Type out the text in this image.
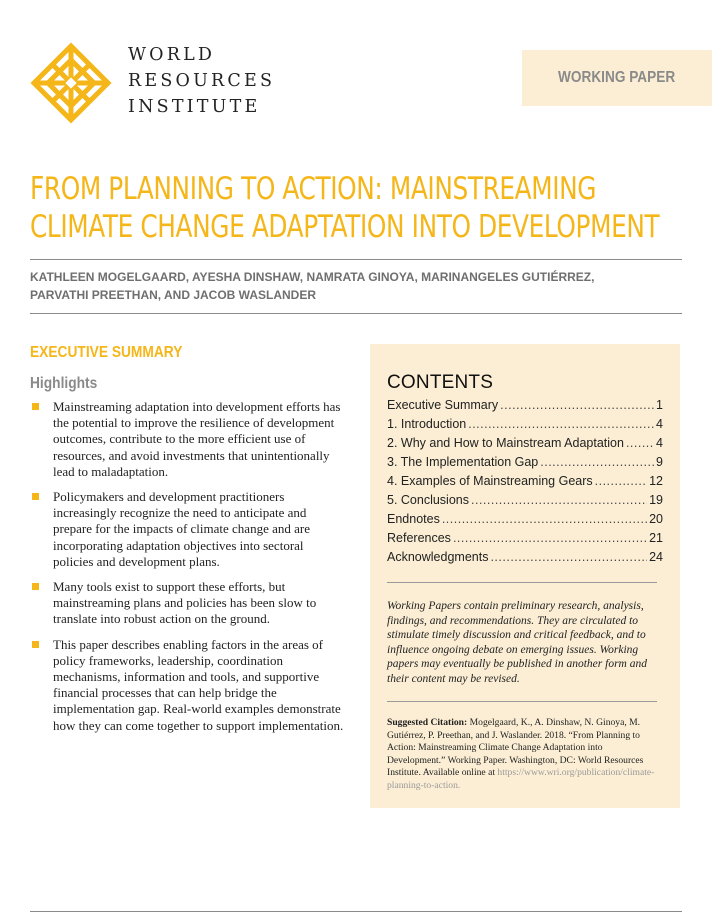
WORLD
RESOURCES
INSTITUTE
WORKING PAPER
FROM PLANNING TO ACTION: MAINSTREAMING
CLIMATE CHANGE ADAPTATION INTO DEVELOPMENT
KATHLEEN MOGELGAARD, AYESHA DINSHAW, NAMRATA GINOYA, MARINANGELES GUTIÉRREZ,
PARVATHI PREETHAN, AND JACOB WASLANDER
EXECUTIVE SUMMARY
Highlights
Mainstreaming adaptation into development efforts has the potential to improve the resilience of development outcomes, contribute to the more efficient use of resources, and avoid investments that unintentionally lead to maladaptation.
Policymakers and development practitioners increasingly recognize the need to anticipate and prepare for the impacts of climate change and are incorporating adaptation objectives into sectoral policies and development plans.
Many tools exist to support these efforts, but mainstreaming plans and policies has been slow to translate into robust action on the ground.
This paper describes enabling factors in the areas of policy frameworks, leadership, coordination mechanisms, information and tools, and supportive financial processes that can help bridge the implementation gap. Real-world examples demonstrate how they can come together to support implementation.
CONTENTS
Executive Summary .....	1
1. Introduction .....	4
2. Why and How to Mainstream Adaptation .....	4
3. The Implementation Gap .....	9
4. Examples of Mainstreaming Gears .....	12
5. Conclusions .....	19
Endnotes .....	20
References .....	21
Acknowledgments .....	24
Working Papers contain preliminary research, analysis, findings, and recommendations. They are circulated to stimulate timely discussion and critical feedback, and to influence ongoing debate on emerging issues. Working papers may eventually be published in another form and their content may be revised.
Suggested Citation: Mogelgaard, K., A. Dinshaw, N. Ginoya, M. Gutiérrez, P. Preethan, and J. Waslander. 2018. “From Planning to Action: Mainstreaming Climate Change Adaptation into Development.” Working Paper. Washington, DC: World Resources Institute. Available online at https://www.wri.org/publication/climate-planning-to-action.
